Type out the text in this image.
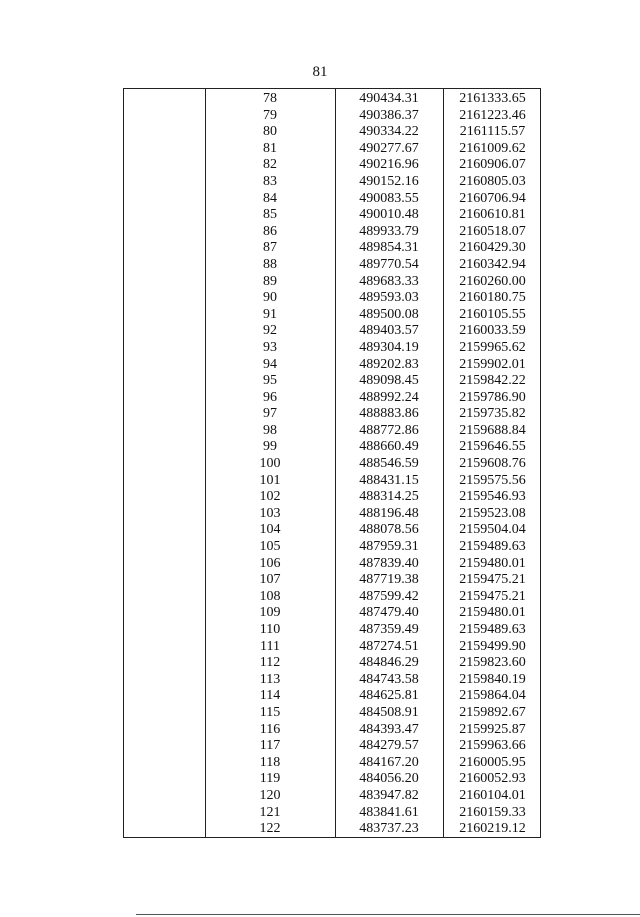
81
78	490434.31	2161333.65
79	490386.37	2161223.46
80	490334.22	2161115.57
81	490277.67	2161009.62
82	490216.96	2160906.07
83	490152.16	2160805.03
84	490083.55	2160706.94
85	490010.48	2160610.81
86	489933.79	2160518.07
87	489854.31	2160429.30
88	489770.54	2160342.94
89	489683.33	2160260.00
90	489593.03	2160180.75
91	489500.08	2160105.55
92	489403.57	2160033.59
93	489304.19	2159965.62
94	489202.83	2159902.01
95	489098.45	2159842.22
96	488992.24	2159786.90
97	488883.86	2159735.82
98	488772.86	2159688.84
99	488660.49	2159646.55
100	488546.59	2159608.76
101	488431.15	2159575.56
102	488314.25	2159546.93
103	488196.48	2159523.08
104	488078.56	2159504.04
105	487959.31	2159489.63
106	487839.40	2159480.01
107	487719.38	2159475.21
108	487599.42	2159475.21
109	487479.40	2159480.01
110	487359.49	2159489.63
111	487274.51	2159499.90
112	484846.29	2159823.60
113	484743.58	2159840.19
114	484625.81	2159864.04
115	484508.91	2159892.67
116	484393.47	2159925.87
117	484279.57	2159963.66
118	484167.20	2160005.95
119	484056.20	2160052.93
120	483947.82	2160104.01
121	483841.61	2160159.33
122	483737.23	2160219.12
